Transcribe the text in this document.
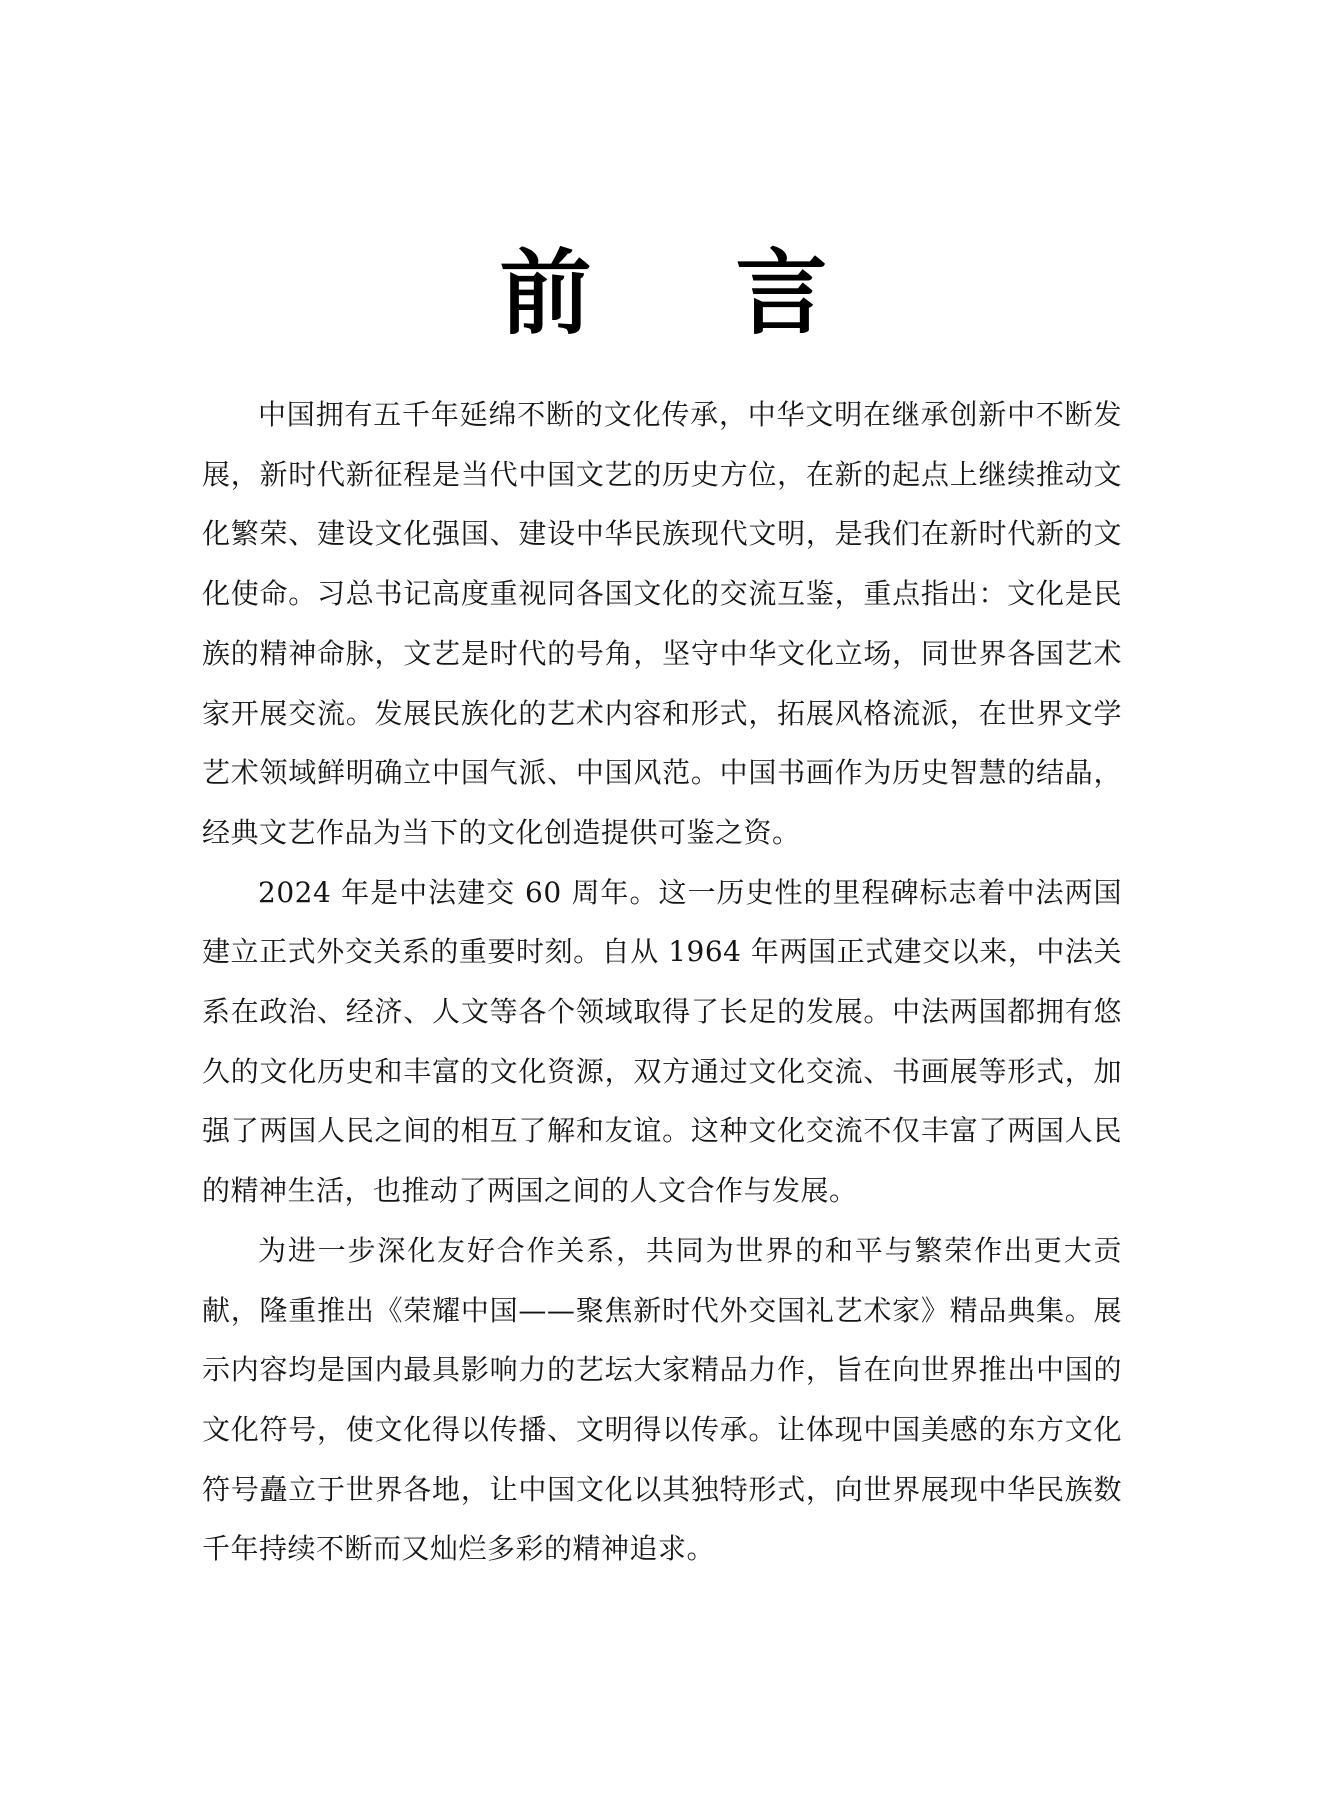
前 言

中国拥有五千年延绵不断的文化传承，中华文明在继承创新中不断发展，新时代新征程是当代中国文艺的历史方位，在新的起点上继续推动文化繁荣、建设文化强国、建设中华民族现代文明，是我们在新时代新的文化使命。习总书记高度重视同各国文化的交流互鉴，重点指出：文化是民族的精神命脉，文艺是时代的号角，坚守中华文化立场，同世界各国艺术家开展交流。发展民族化的艺术内容和形式，拓展风格流派，在世界文学艺术领域鲜明确立中国气派、中国风范。中国书画作为历史智慧的结晶，经典文艺作品为当下的文化创造提供可鉴之资。

2024 年是中法建交 60 周年。这一历史性的里程碑标志着中法两国建立正式外交关系的重要时刻。自从 1964 年两国正式建交以来，中法关系在政治、经济、人文等各个领域取得了长足的发展。中法两国都拥有悠久的文化历史和丰富的文化资源，双方通过文化交流、书画展等形式，加强了两国人民之间的相互了解和友谊。这种文化交流不仅丰富了两国人民的精神生活，也推动了两国之间的人文合作与发展。

为进一步深化友好合作关系，共同为世界的和平与繁荣作出更大贡献，隆重推出《荣耀中国——聚焦新时代外交国礼艺术家》精品典集。展示内容均是国内最具影响力的艺坛大家精品力作，旨在向世界推出中国的文化符号，使文化得以传播、文明得以传承。让体现中国美感的东方文化符号矗立于世界各地，让中国文化以其独特形式，向世界展现中华民族数千年持续不断而又灿烂多彩的精神追求。
